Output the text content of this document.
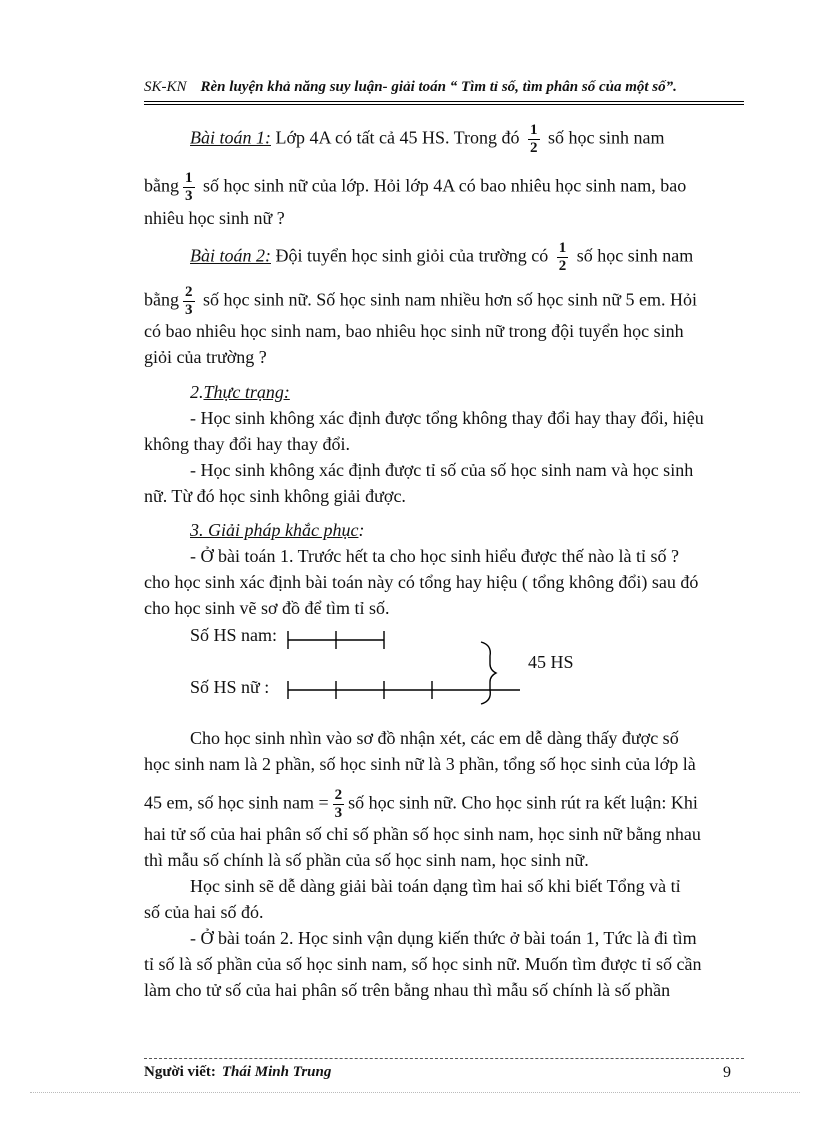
SK-KN Rèn luyện khả năng suy luận- giải toán “ Tìm tỉ số, tìm phân số của một số”.
Bài toán 1: Lớp 4A có tất cả 45 HS. Trong đó $\frac{1}{2}$ số học sinh nam
bằng $\frac{1}{3}$ số học sinh nữ của lớp. Hỏi lớp 4A có bao nhiêu học sinh nam, bao
nhiêu học sinh nữ ?
Bài toán 2: Đội tuyển học sinh giỏi của trường có $\frac{1}{2}$ số học sinh nam
bằng $\frac{2}{3}$ số học sinh nữ. Số học sinh nam nhiều hơn số học sinh nữ 5 em. Hỏi
có bao nhiêu học sinh nam, bao nhiêu học sinh nữ trong đội tuyển học sinh
giỏi của trường ?
2.Thực trạng:
- Học sinh không xác định được tổng không thay đổi hay thay đổi, hiệu
không thay đổi hay thay đổi.
- Học sinh không xác định được tỉ số của số học sinh nam và học sinh
nữ. Từ đó học sinh không giải được.
3. Giải pháp khắc phục:
- Ở bài toán 1. Trước hết ta cho học sinh hiểu được thế nào là tỉ số ?
cho học sinh xác định bài toán này có tổng hay hiệu ( tổng không đổi) sau đó
cho học sinh vẽ sơ đồ để tìm tỉ số.
Số HS nam:
Số HS nữ :
45 HS
Cho học sinh nhìn vào sơ đồ nhận xét, các em dễ dàng thấy được số
học sinh nam là 2 phần, số học sinh nữ là 3 phần, tổng số học sinh của lớp là
45 em, số học sinh nam = $\frac{2}{3}$ số học sinh nữ. Cho học sinh rút ra kết luận: Khi
hai tử số của hai phân số chỉ số phần số học sinh nam, học sinh nữ bằng nhau
thì mẫu số chính là số phần của số học sinh nam, học sinh nữ.
Học sinh sẽ dễ dàng giải bài toán dạng tìm hai số khi biết Tổng và tỉ
số của hai số đó.
- Ở bài toán 2. Học sinh vận dụng kiến thức ở bài toán 1, Tức là đi tìm
tỉ số là số phần của số học sinh nam, số học sinh nữ. Muốn tìm được tỉ số cần
làm cho tử số của hai phân số trên bằng nhau thì mẫu số chính là số phần
Người viết: Thái Minh Trung	9
